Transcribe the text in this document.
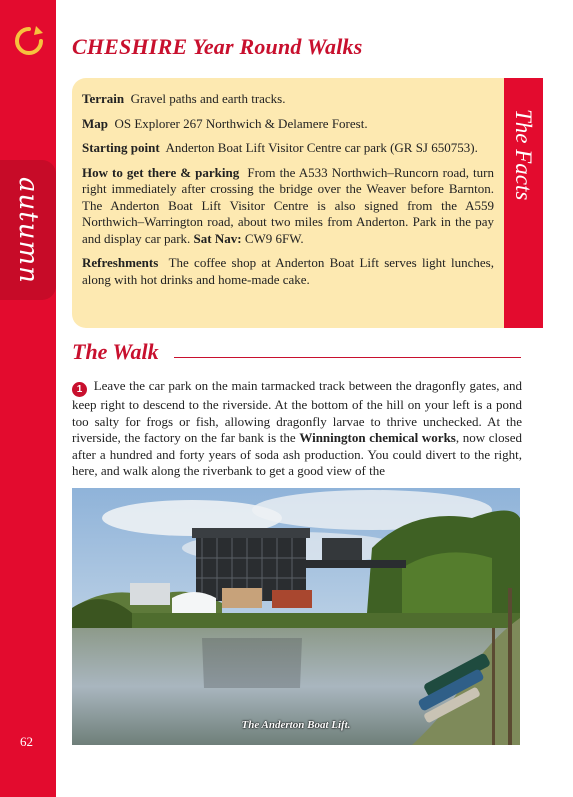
autumn
62
CHESHIRE Year Round Walks

Terrain Gravel paths and earth tracks.

Map OS Explorer 267 Northwich & Delamere Forest.

Starting point Anderton Boat Lift Visitor Centre car park (GR SJ 650753).

How to get there & parking From the A533 Northwich–Runcorn road, turn right immediately after crossing the bridge over the Weaver before Barnton. The Anderton Boat Lift Visitor Centre is also signed from the A559 Northwich–Warrington road, about two miles from Anderton. Park in the pay and display car park. Sat Nav: CW9 6FW.

Refreshments The coffee shop at Anderton Boat Lift serves light lunches, along with hot drinks and home-made cake.

The Facts
The Walk

1 Leave the car park on the main tarmacked track between the dragonfly gates, and keep right to descend to the riverside. At the bottom of the hill on your left is a pond too salty for frogs or fish, allowing dragonfly larvae to thrive unchecked. At the riverside, the factory on the far bank is the Winnington chemical works, now closed after a hundred and forty years of soda ash production. You could divert to the right, here, and walk along the riverbank to get a good view of the

The Anderton Boat Lift.
